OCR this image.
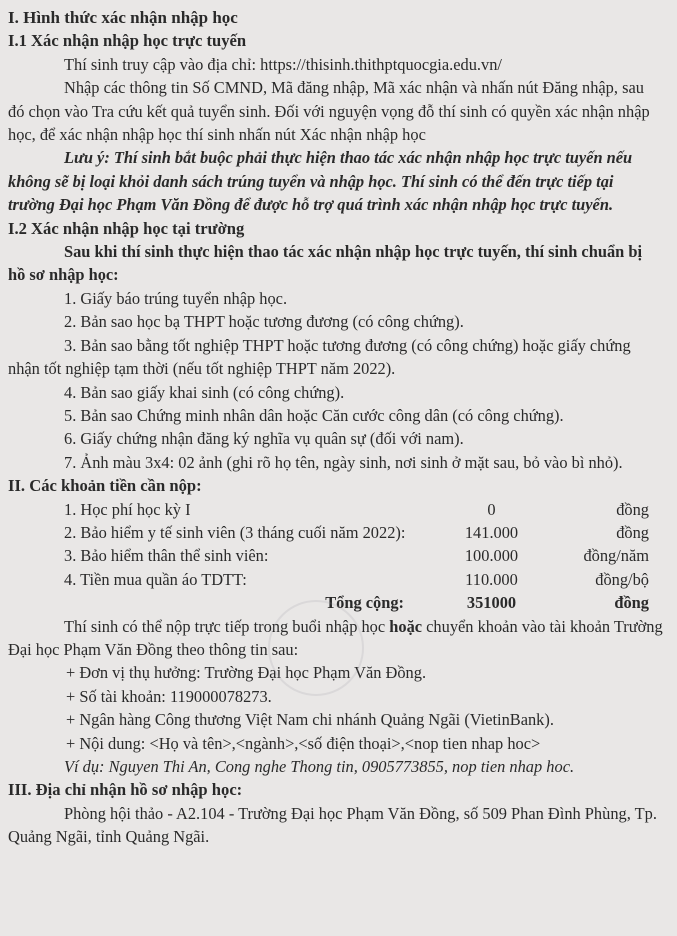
I. Hình thức xác nhận nhập học
I.1 Xác nhận nhập học trực tuyến
Thí sinh truy cập vào địa chỉ: https://thisinh.thithptquocgia.edu.vn/
Nhập các thông tin Số CMND, Mã đăng nhập, Mã xác nhận và nhấn nút Đăng nhập, sau đó chọn vào Tra cứu kết quả tuyển sinh. Đối với nguyện vọng đỗ thí sinh có quyền xác nhận nhập học, để xác nhận nhập học thí sinh nhấn nút Xác nhận nhập học
Lưu ý: Thí sinh bắt buộc phải thực hiện thao tác xác nhận nhập học trực tuyến nếu không sẽ bị loại khỏi danh sách trúng tuyển và nhập học. Thí sinh có thể đến trực tiếp tại trường Đại học Phạm Văn Đồng để được hỗ trợ quá trình xác nhận nhập học trực tuyến.
I.2 Xác nhận nhập học tại trường
Sau khi thí sinh thực hiện thao tác xác nhận nhập học trực tuyến, thí sinh chuẩn bị hồ sơ nhập học:
1. Giấy báo trúng tuyển nhập học.
2. Bản sao học bạ THPT hoặc tương đương (có công chứng).
3. Bản sao bằng tốt nghiệp THPT hoặc tương đương (có công chứng) hoặc giấy chứng nhận tốt nghiệp tạm thời (nếu tốt nghiệp THPT năm 2022).
4. Bản sao giấy khai sinh (có công chứng).
5. Bản sao Chứng minh nhân dân hoặc Căn cước công dân (có công chứng).
6. Giấy chứng nhận đăng ký nghĩa vụ quân sự (đối với nam).
7. Ảnh màu 3x4: 02 ảnh (ghi rõ họ tên, ngày sinh, nơi sinh ở mặt sau, bỏ vào bì nhỏ).
II. Các khoản tiền cần nộp:
1. Học phí học kỳ I	0	đồng
2. Bảo hiểm y tế sinh viên (3 tháng cuối năm 2022):	141.000	đồng
3. Bảo hiểm thân thể sinh viên:	100.000	đồng/năm
4. Tiền mua quần áo TDTT:	110.000	đồng/bộ
Tổng cộng:	351000	đồng
Thí sinh có thể nộp trực tiếp trong buổi nhập học hoặc chuyển khoản vào tài khoản Trường Đại học Phạm Văn Đồng theo thông tin sau:
+ Đơn vị thụ hưởng: Trường Đại học Phạm Văn Đồng.
+ Số tài khoản: 119000078273.
+ Ngân hàng Công thương Việt Nam chi nhánh Quảng Ngãi (VietinBank).
+ Nội dung: <Họ và tên>,<ngành>,<số điện thoại>,<nop tien nhap hoc>
Ví dụ: Nguyen Thi An, Cong nghe Thong tin, 0905773855, nop tien nhap hoc.
III. Địa chỉ nhận hồ sơ nhập học:
Phòng hội thảo - A2.104 - Trường Đại học Phạm Văn Đồng, số 509 Phan Đình Phùng, Tp. Quảng Ngãi, tỉnh Quảng Ngãi.
